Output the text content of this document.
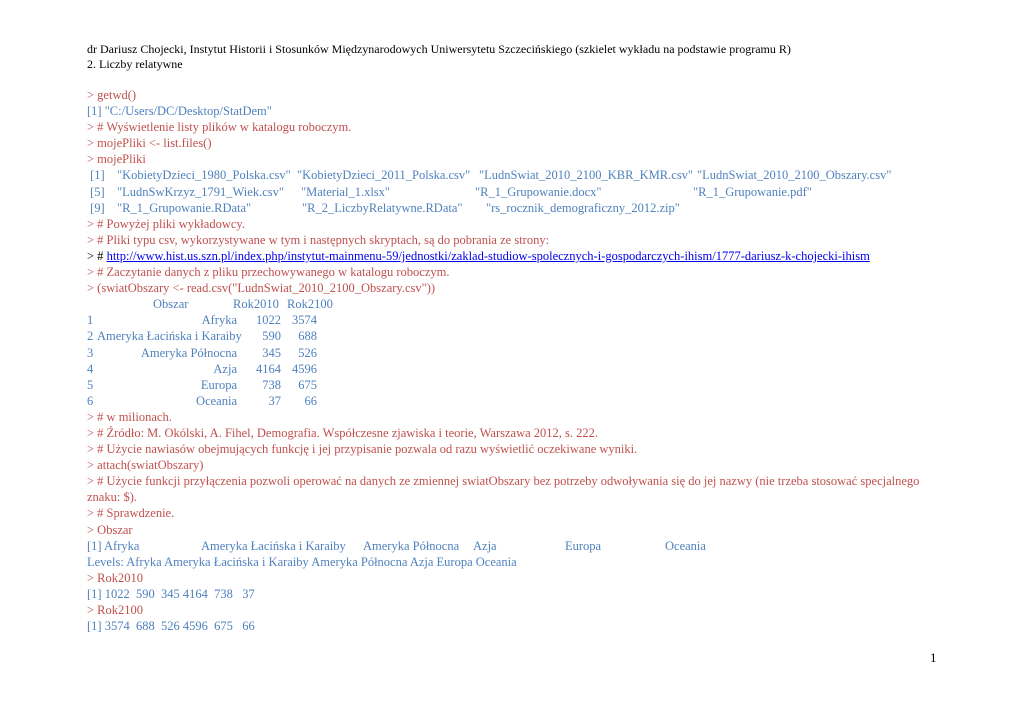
dr Dariusz Chojecki, Instytut Historii i Stosunków Międzynarodowych Uniwersytetu Szczecińskiego (szkielet wykładu na podstawie programu R)
2. Liczby relatywne
> getwd()
[1] "C:/Users/DC/Desktop/StatDem"
> # Wyświetlenie listy plików w katalogu roboczym.
> mojePliki <- list.files()
> mojePliki
[1] "KobietyDzieci_1980_Polska.csv" "KobietyDzieci_2011_Polska.csv" "LudnSwiat_2010_2100_KBR_KMR.csv" "LudnSwiat_2010_2100_Obszary.csv"
[5] "LudnSwKrzyz_1791_Wiek.csv" "Material_1.xlsx"	"R_1_Grupowanie.docx"	"R_1_Grupowanie.pdf"
[9] "R_1_Grupowanie.RData"	"R_2_LiczbyRelatywne.RData" "rs_rocznik_demograficzny_2012.zip"
> # Powyżej pliki wykładowcy.
> # Pliki typu csv, wykorzystywane w tym i następnych skryptach, są do pobrania ze strony:
> # http://www.hist.us.szn.pl/index.php/instytut-mainmenu-59/jednostki/zaklad-studiow-spolecznych-i-gospodarczych-ihism/1777-dariusz-k-chojecki-ihism
> # Zaczytanie danych z pliku przechowywanego w katalogu roboczym.
> (swiatObszary <- read.csv("LudnSwiat_2010_2100_Obszary.csv"))
Obszar	Rok2010 Rok2100
1	Afryka 1022 3574
2 Ameryka Łacińska i Karaiby 590 688
3	Ameryka Północna 345 526
4	Azja 4164 4596
5	Europa 738 675
6	Oceania	37 66
> # w milionach.
> # Źródło: M. Okólski, A. Fihel, Demografia. Współczesne zjawiska i teorie, Warszawa 2012, s. 222.
> # Użycie nawiasów obejmujących funkcję i jej przypisanie pozwala od razu wyświetlić oczekiwane wyniki.
> attach(swiatObszary)
> # Użycie funkcji przyłączenia pozwoli operować na danych ze zmiennej swiatObszary bez potrzeby odwoływania się do jej nazwy (nie trzeba stosować specjalnego znaku: $).
> # Sprawdzenie.
> Obszar
[1] Afryka	Ameryka Łacińska i Karaiby Ameryka Północna Azja	Europa	Oceania
Levels: Afryka Ameryka Łacińska i Karaiby Ameryka Północna Azja Europa Oceania
> Rok2010
[1] 1022  590  345 4164  738   37
> Rok2100
[1] 3574  688  526 4596  675   66
1
